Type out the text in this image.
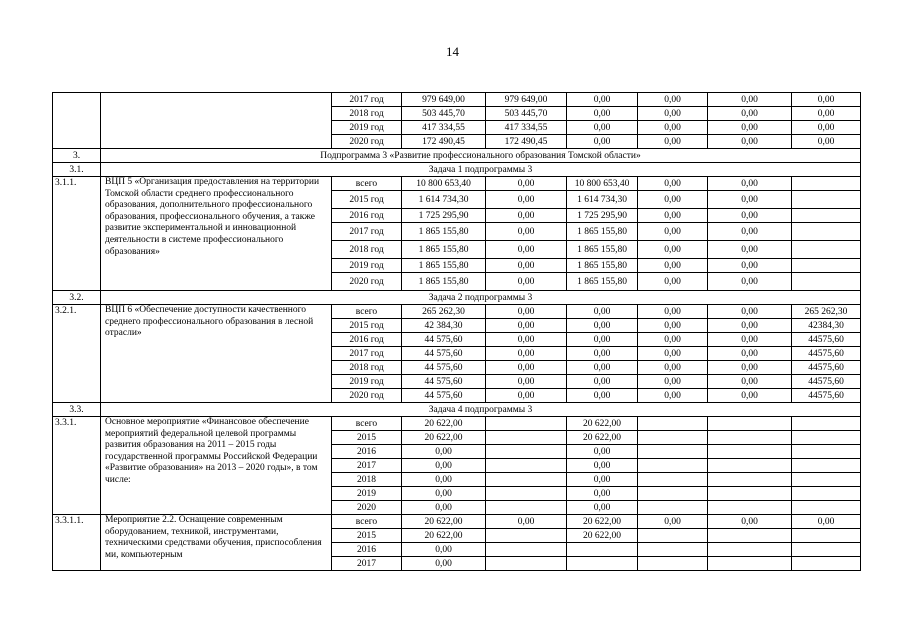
14
		2017 год	979 649,00	979 649,00	0,00	0,00	0,00	0,00
		2018 год	503 445,70	503 445,70	0,00	0,00	0,00	0,00
		2019 год	417 334,55	417 334,55	0,00	0,00	0,00	0,00
		2020 год	172 490,45	172 490,45	0,00	0,00	0,00	0,00
3.	Подпрограмма 3 «Развитие профессионального образования Томской области»							
3.1.	Задача 1 подпрограммы 3							
3.1.1.	ВЦП 5 «Организация предоставления на территории Томской области среднего профессионального образования, дополнительного профессионального образования, профессионального обучения, а также развитие экспериментальной и инновационной деятельности в системе профессионального образования»	всего	10 800 653,40	0,00	10 800 653,40	0,00	0,00	
		2015 год	1 614 734,30	0,00	1 614 734,30	0,00	0,00	
		2016 год	1 725 295,90	0,00	1 725 295,90	0,00	0,00	
		2017 год	1 865 155,80	0,00	1 865 155,80	0,00	0,00	
		2018 год	1 865 155,80	0,00	1 865 155,80	0,00	0,00	
		2019 год	1 865 155,80	0,00	1 865 155,80	0,00	0,00	
		2020 год	1 865 155,80	0,00	1 865 155,80	0,00	0,00	
3.2.	Задача 2 подпрограммы 3							
3.2.1.	ВЦП 6 «Обеспечение доступности качественного среднего профессионального образования в лесной отрасли»	всего	265 262,30	0,00	0,00	0,00	0,00	265 262,30
		2015 год	42 384,30	0,00	0,00	0,00	0,00	42384,30
		2016 год	44 575,60	0,00	0,00	0,00	0,00	44575,60
		2017 год	44 575,60	0,00	0,00	0,00	0,00	44575,60
		2018 год	44 575,60	0,00	0,00	0,00	0,00	44575,60
		2019 год	44 575,60	0,00	0,00	0,00	0,00	44575,60
		2020 год	44 575,60	0,00	0,00	0,00	0,00	44575,60
3.3.	Задача 4 подпрограммы 3							
3.3.1.	Основное мероприятие «Финансовое обеспечение мероприятий федеральной целевой программы развития образования на 2011 – 2015 годы государственной программы Российской Федерации «Развитие образования» на 2013 – 2020 годы», в том числе:	всего	20 622,00		20 622,00			
		2015	20 622,00		20 622,00			
		2016	0,00		0,00			
		2017	0,00		0,00			
		2018	0,00		0,00			
		2019	0,00		0,00			
		2020	0,00		0,00			
3.3.1.1.	Мероприятие 2.2. Оснащение современным оборудованием, техникой, инструментами, техническими средствами обучения, приспособления ми, компьютерным	всего	20 622,00	0,00	20 622,00	0,00	0,00	0,00
		2015	20 622,00		20 622,00			
		2016	0,00					
		2017	0,00					
